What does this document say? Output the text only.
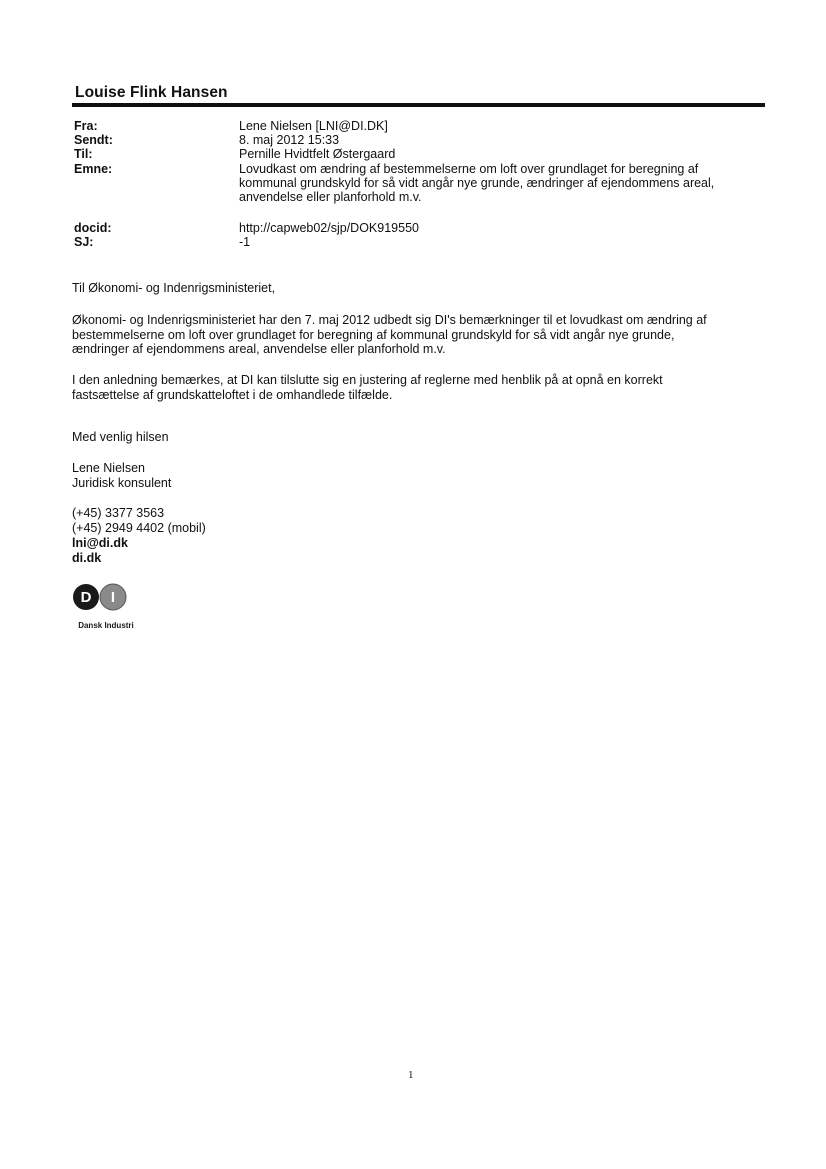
Louise Flink Hansen
Fra:	Lene Nielsen [LNI@DI.DK]
Sendt:	8. maj 2012 15:33
Til:	Pernille Hvidtfelt Østergaard
Emne:	Lovudkast om ændring af bestemmelserne om loft over grundlaget for beregning af kommunal grundskyld for så vidt angår nye grunde, ændringer af ejendommens areal, anvendelse eller planforhold m.v.
docid:	http://capweb02/sjp/DOK919550
SJ:	-1
Til Økonomi- og Indenrigsministeriet,
Økonomi- og Indenrigsministeriet har den 7. maj 2012 udbedt sig DI's bemærkninger til et lovudkast om ændring af
bestemmelserne om loft over grundlaget for beregning af kommunal grundskyld for så vidt angår nye grunde,
ændringer af ejendommens areal, anvendelse eller planforhold m.v.
I den anledning bemærkes, at DI kan tilslutte sig en justering af reglerne med henblik på at opnå en korrekt
fastsættelse af grundskatteloftet i de omhandlede tilfælde.
Med venlig hilsen
Lene Nielsen
Juridisk konsulent
(+45) 3377 3563
(+45) 2949 4402 (mobil)
lni@di.dk
di.dk
D I
Dansk Industri
1
